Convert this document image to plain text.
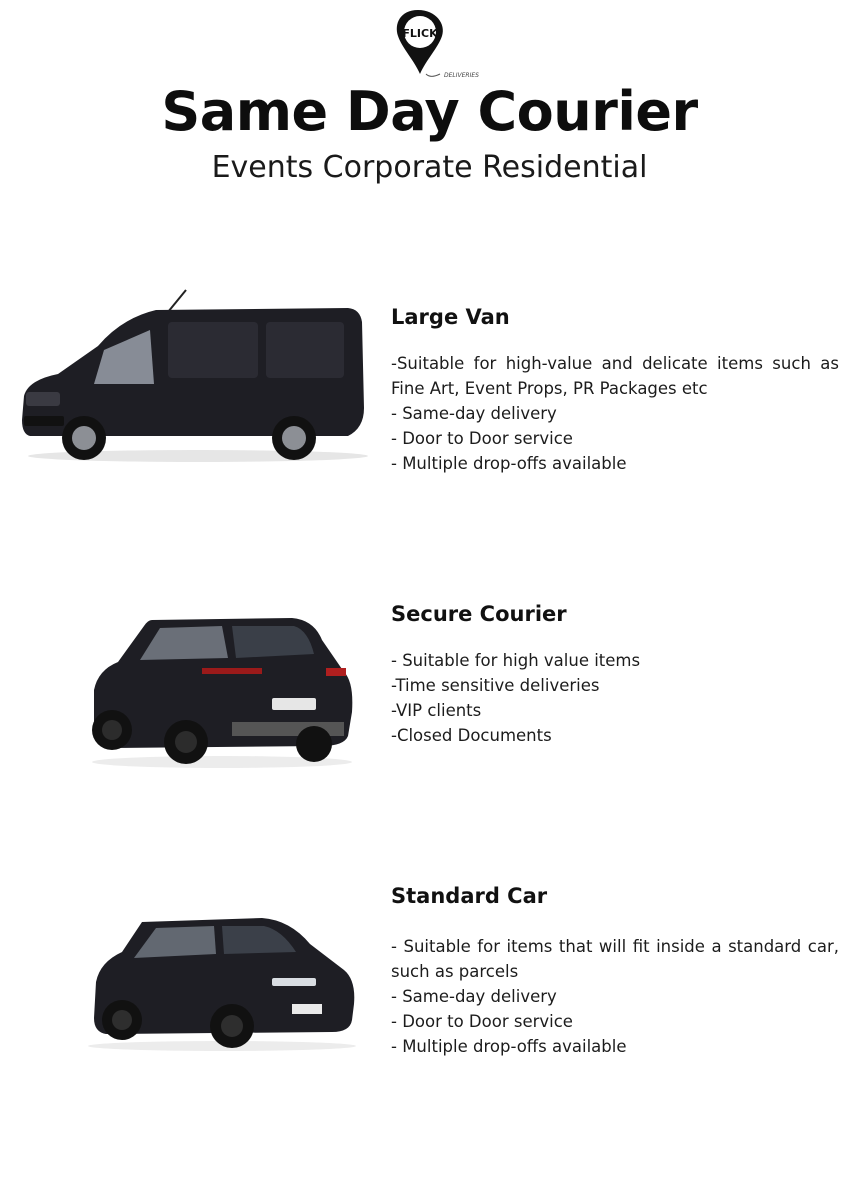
FLICK
DELIVERIES
Same Day Courier
Events Corporate Residential
Large Van
-Suitable for high-value and delicate items such as Fine Art, Event Props, PR Packages etc
- Same-day delivery
- Door to Door service
- Multiple drop-offs available
Secure Courier
- Suitable for high value items
-Time sensitive deliveries
-VIP clients
-Closed Documents
Standard Car
- Suitable for items that will fit inside a standard car, such as parcels
- Same-day delivery
- Door to Door service
- Multiple drop-offs available
